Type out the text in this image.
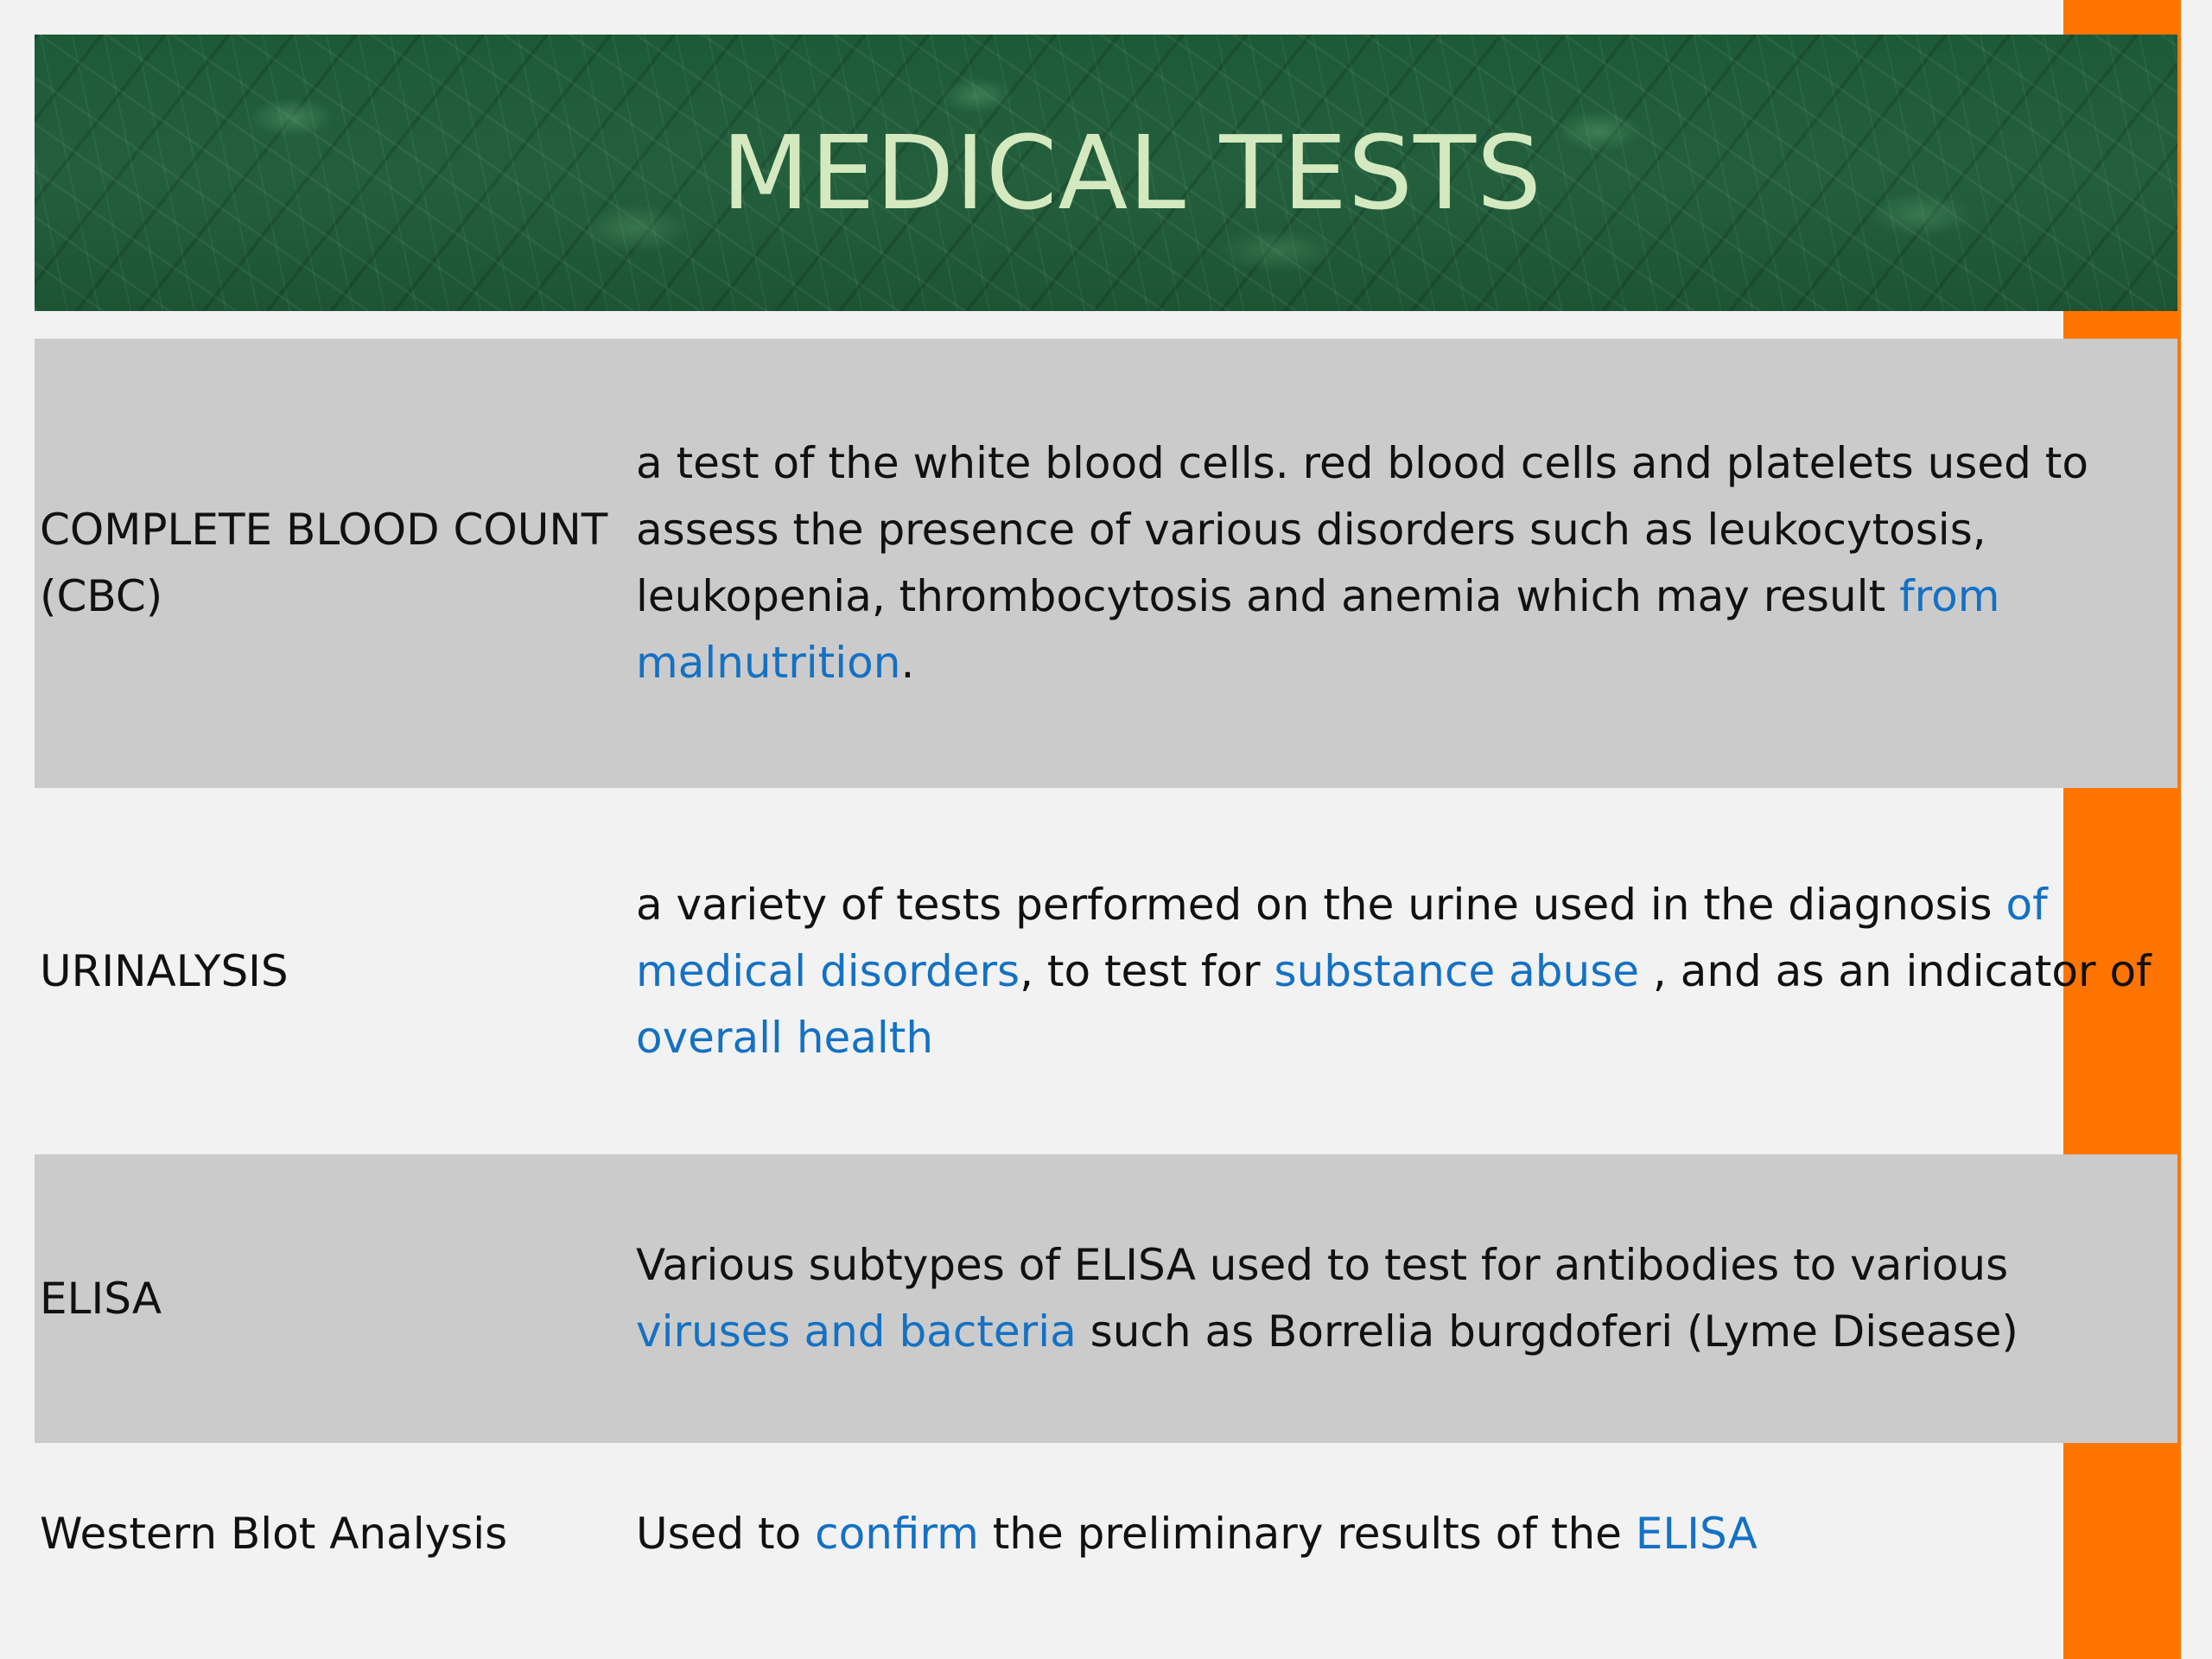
MEDICAL TESTS
COMPLETE BLOOD COUNT (CBC)

a test of the white blood cells. red blood cells and platelets used to assess the presence of various disorders such as leukocytosis, leukopenia, thrombocytosis and anemia which may result from malnutrition.

URINALYSIS

a variety of tests performed on the urine used in the diagnosis of medical disorders, to test for substance abuse , and as an indicator of overall health

ELISA

Various subtypes of ELISA used to test for antibodies to various viruses and bacteria such as Borrelia burgdoferi (Lyme Disease)

Western Blot Analysis	Used to confirm the preliminary results of the ELISA
